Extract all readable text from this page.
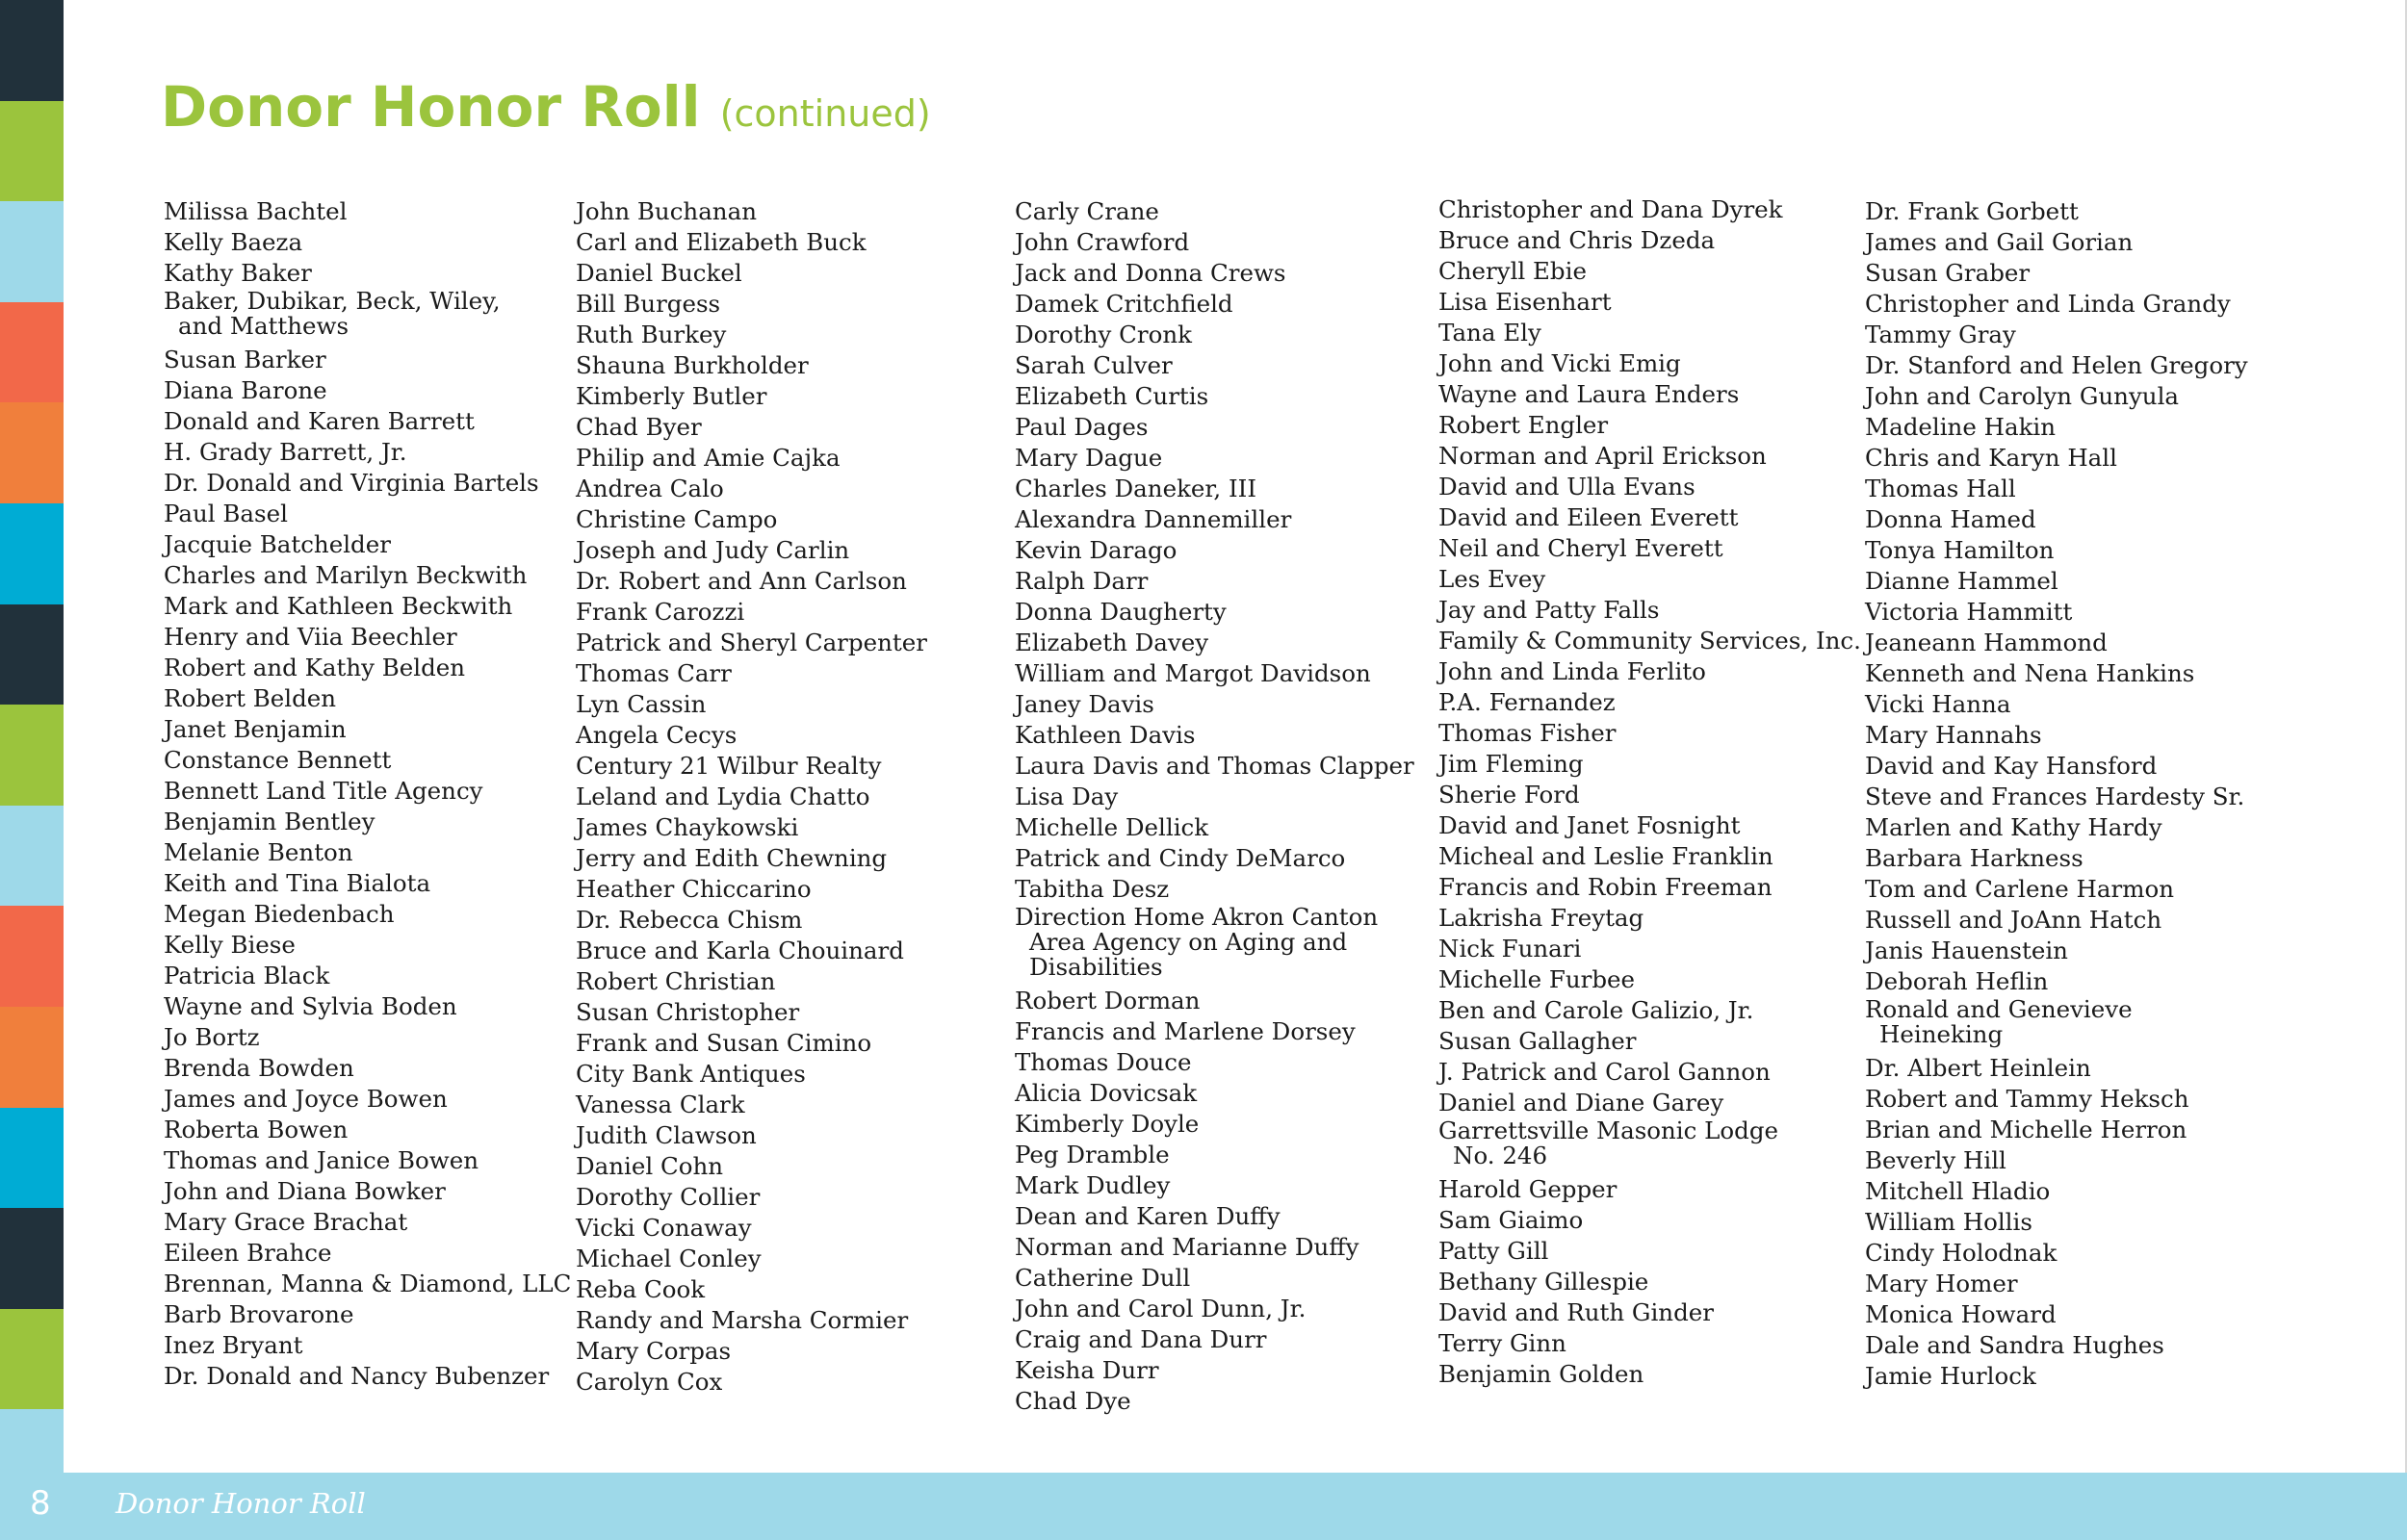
Donor Honor Roll (continued)
Milissa Bachtel
Kelly Baeza
Kathy Baker
Baker, Dubikar, Beck, Wiley,
and Matthews
Susan Barker
Diana Barone
Donald and Karen Barrett
H. Grady Barrett, Jr.
Dr. Donald and Virginia Bartels
Paul Basel
Jacquie Batchelder
Charles and Marilyn Beckwith
Mark and Kathleen Beckwith
Henry and Viia Beechler
Robert and Kathy Belden
Robert Belden
Janet Benjamin
Constance Bennett
Bennett Land Title Agency
Benjamin Bentley
Melanie Benton
Keith and Tina Bialota
Megan Biedenbach
Kelly Biese
Patricia Black
Wayne and Sylvia Boden
Jo Bortz
Brenda Bowden
James and Joyce Bowen
Roberta Bowen
Thomas and Janice Bowen
John and Diana Bowker
Mary Grace Brachat
Eileen Brahce
Brennan, Manna & Diamond, LLC
Barb Brovarone
Inez Bryant
Dr. Donald and Nancy Bubenzer
John Buchanan
Carl and Elizabeth Buck
Daniel Buckel
Bill Burgess
Ruth Burkey
Shauna Burkholder
Kimberly Butler
Chad Byer
Philip and Amie Cajka
Andrea Calo
Christine Campo
Joseph and Judy Carlin
Dr. Robert and Ann Carlson
Frank Carozzi
Patrick and Sheryl Carpenter
Thomas Carr
Lyn Cassin
Angela Cecys
Century 21 Wilbur Realty
Leland and Lydia Chatto
James Chaykowski
Jerry and Edith Chewning
Heather Chiccarino
Dr. Rebecca Chism
Bruce and Karla Chouinard
Robert Christian
Susan Christopher
Frank and Susan Cimino
City Bank Antiques
Vanessa Clark
Judith Clawson
Daniel Cohn
Dorothy Collier
Vicki Conaway
Michael Conley
Reba Cook
Randy and Marsha Cormier
Mary Corpas
Carolyn Cox
Carly Crane
John Crawford
Jack and Donna Crews
Damek Critchfield
Dorothy Cronk
Sarah Culver
Elizabeth Curtis
Paul Dages
Mary Dague
Charles Daneker, III
Alexandra Dannemiller
Kevin Darago
Ralph Darr
Donna Daugherty
Elizabeth Davey
William and Margot Davidson
Janey Davis
Kathleen Davis
Laura Davis and Thomas Clapper
Lisa Day
Michelle Dellick
Patrick and Cindy DeMarco
Tabitha Desz
Direction Home Akron Canton
Area Agency on Aging and
Disabilities
Robert Dorman
Francis and Marlene Dorsey
Thomas Douce
Alicia Dovicsak
Kimberly Doyle
Peg Dramble
Mark Dudley
Dean and Karen Duffy
Norman and Marianne Duffy
Catherine Dull
John and Carol Dunn, Jr.
Craig and Dana Durr
Keisha Durr
Chad Dye
Christopher and Dana Dyrek
Bruce and Chris Dzeda
Cheryll Ebie
Lisa Eisenhart
Tana Ely
John and Vicki Emig
Wayne and Laura Enders
Robert Engler
Norman and April Erickson
David and Ulla Evans
David and Eileen Everett
Neil and Cheryl Everett
Les Evey
Jay and Patty Falls
Family & Community Services, Inc.
John and Linda Ferlito
P.A. Fernandez
Thomas Fisher
Jim Fleming
Sherie Ford
David and Janet Fosnight
Micheal and Leslie Franklin
Francis and Robin Freeman
Lakrisha Freytag
Nick Funari
Michelle Furbee
Ben and Carole Galizio, Jr.
Susan Gallagher
J. Patrick and Carol Gannon
Daniel and Diane Garey
Garrettsville Masonic Lodge
No. 246
Harold Gepper
Sam Giaimo
Patty Gill
Bethany Gillespie
David and Ruth Ginder
Terry Ginn
Benjamin Golden
Dr. Frank Gorbett
James and Gail Gorian
Susan Graber
Christopher and Linda Grandy
Tammy Gray
Dr. Stanford and Helen Gregory
John and Carolyn Gunyula
Madeline Hakin
Chris and Karyn Hall
Thomas Hall
Donna Hamed
Tonya Hamilton
Dianne Hammel
Victoria Hammitt
Jeaneann Hammond
Kenneth and Nena Hankins
Vicki Hanna
Mary Hannahs
David and Kay Hansford
Steve and Frances Hardesty Sr.
Marlen and Kathy Hardy
Barbara Harkness
Tom and Carlene Harmon
Russell and JoAnn Hatch
Janis Hauenstein
Deborah Heflin
Ronald and Genevieve
Heineking
Dr. Albert Heinlein
Robert and Tammy Heksch
Brian and Michelle Herron
Beverly Hill
Mitchell Hladio
William Hollis
Cindy Holodnak
Mary Homer
Monica Howard
Dale and Sandra Hughes
Jamie Hurlock
8 Donor Honor Roll
